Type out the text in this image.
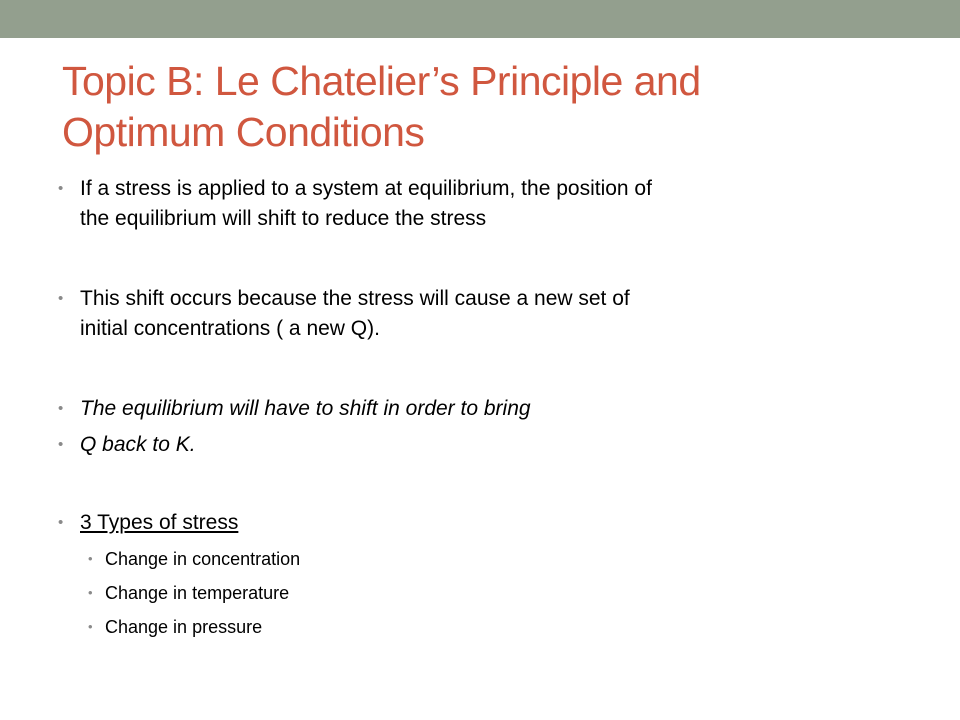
Topic B: Le Chatelier’s Principle and
Optimum Conditions
• If a stress is applied to a system at equilibrium, the position of
the equilibrium will shift to reduce the stress
• This shift occurs because the stress will cause a new set of
initial concentrations ( a new Q).
• The equilibrium will have to shift in order to bring
• Q back to K.
• 3 Types of stress
• Change in concentration
• Change in temperature
• Change in pressure
